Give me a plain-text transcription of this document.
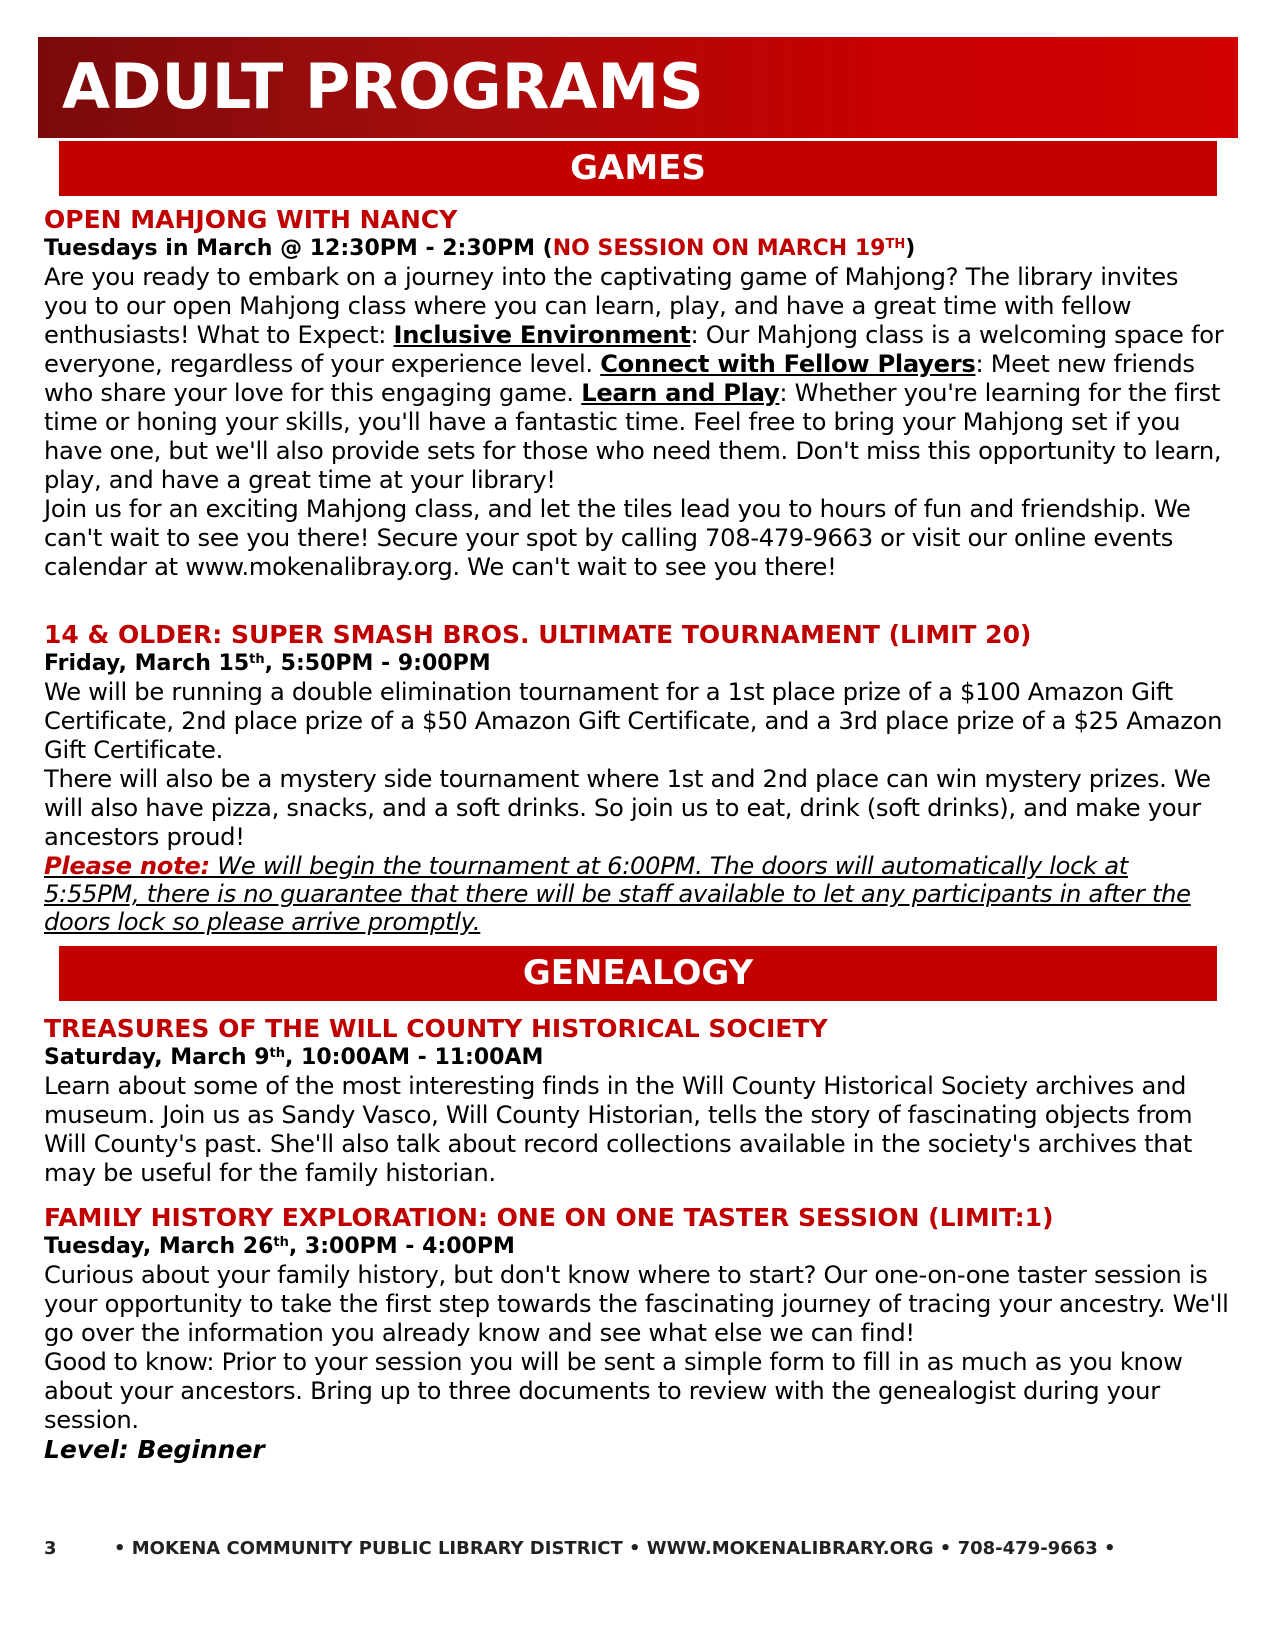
ADULT PROGRAMS
GAMES
OPEN MAHJONG WITH NANCY
Tuesdays in March @ 12:30PM - 2:30PM (NO SESSION ON MARCH 19TH)

Are you ready to embark on a journey into the captivating game of Mahjong? The library invites you to our open Mahjong class where you can learn, play, and have a great time with fellow enthusiasts! What to Expect: Inclusive Environment: Our Mahjong class is a welcoming space for everyone, regardless of your experience level. Connect with Fellow Players: Meet new friends who share your love for this engaging game. Learn and Play: Whether you're learning for the first time or honing your skills, you'll have a fantastic time. Feel free to bring your Mahjong set if you have one, but we'll also provide sets for those who need them. Don't miss this opportunity to learn, play, and have a great time at your library!

Join us for an exciting Mahjong class, and let the tiles lead you to hours of fun and friendship. We can't wait to see you there! Secure your spot by calling 708-479-9663 or visit our online events calendar at www.mokenalibray.org. We can't wait to see you there!

14 & OLDER: SUPER SMASH BROS. ULTIMATE TOURNAMENT (LIMIT 20)
Friday, March 15th, 5:50PM - 9:00PM

We will be running a double elimination tournament for a 1st place prize of a $100 Amazon Gift Certificate, 2nd place prize of a $50 Amazon Gift Certificate, and a 3rd place prize of a $25 Amazon Gift Certificate.

There will also be a mystery side tournament where 1st and 2nd place can win mystery prizes. We will also have pizza, snacks, and a soft drinks. So join us to eat, drink (soft drinks), and make your ancestors proud!

Please note: We will begin the tournament at 6:00PM. The doors will automatically lock at 5:55PM, there is no guarantee that there will be staff available to let any participants in after the doors lock so please arrive promptly.

GENEALOGY
TREASURES OF THE WILL COUNTY HISTORICAL SOCIETY
Saturday, March 9th, 10:00AM - 11:00AM

Learn about some of the most interesting finds in the Will County Historical Society archives and museum. Join us as Sandy Vasco, Will County Historian, tells the story of fascinating objects from Will County's past. She'll also talk about record collections available in the society's archives that may be useful for the family historian.

FAMILY HISTORY EXPLORATION: ONE ON ONE TASTER SESSION (LIMIT:1)
Tuesday, March 26th, 3:00PM - 4:00PM

Curious about your family history, but don't know where to start? Our one-on-one taster session is your opportunity to take the first step towards the fascinating journey of tracing your ancestry. We'll go over the information you already know and see what else we can find!

Good to know: Prior to your session you will be sent a simple form to fill in as much as you know about your ancestors. Bring up to three documents to review with the genealogist during your session.

Level: Beginner

3	• MOKENA COMMUNITY PUBLIC LIBRARY DISTRICT • WWW.MOKENALIBRARY.ORG • 708-479-9663 •
